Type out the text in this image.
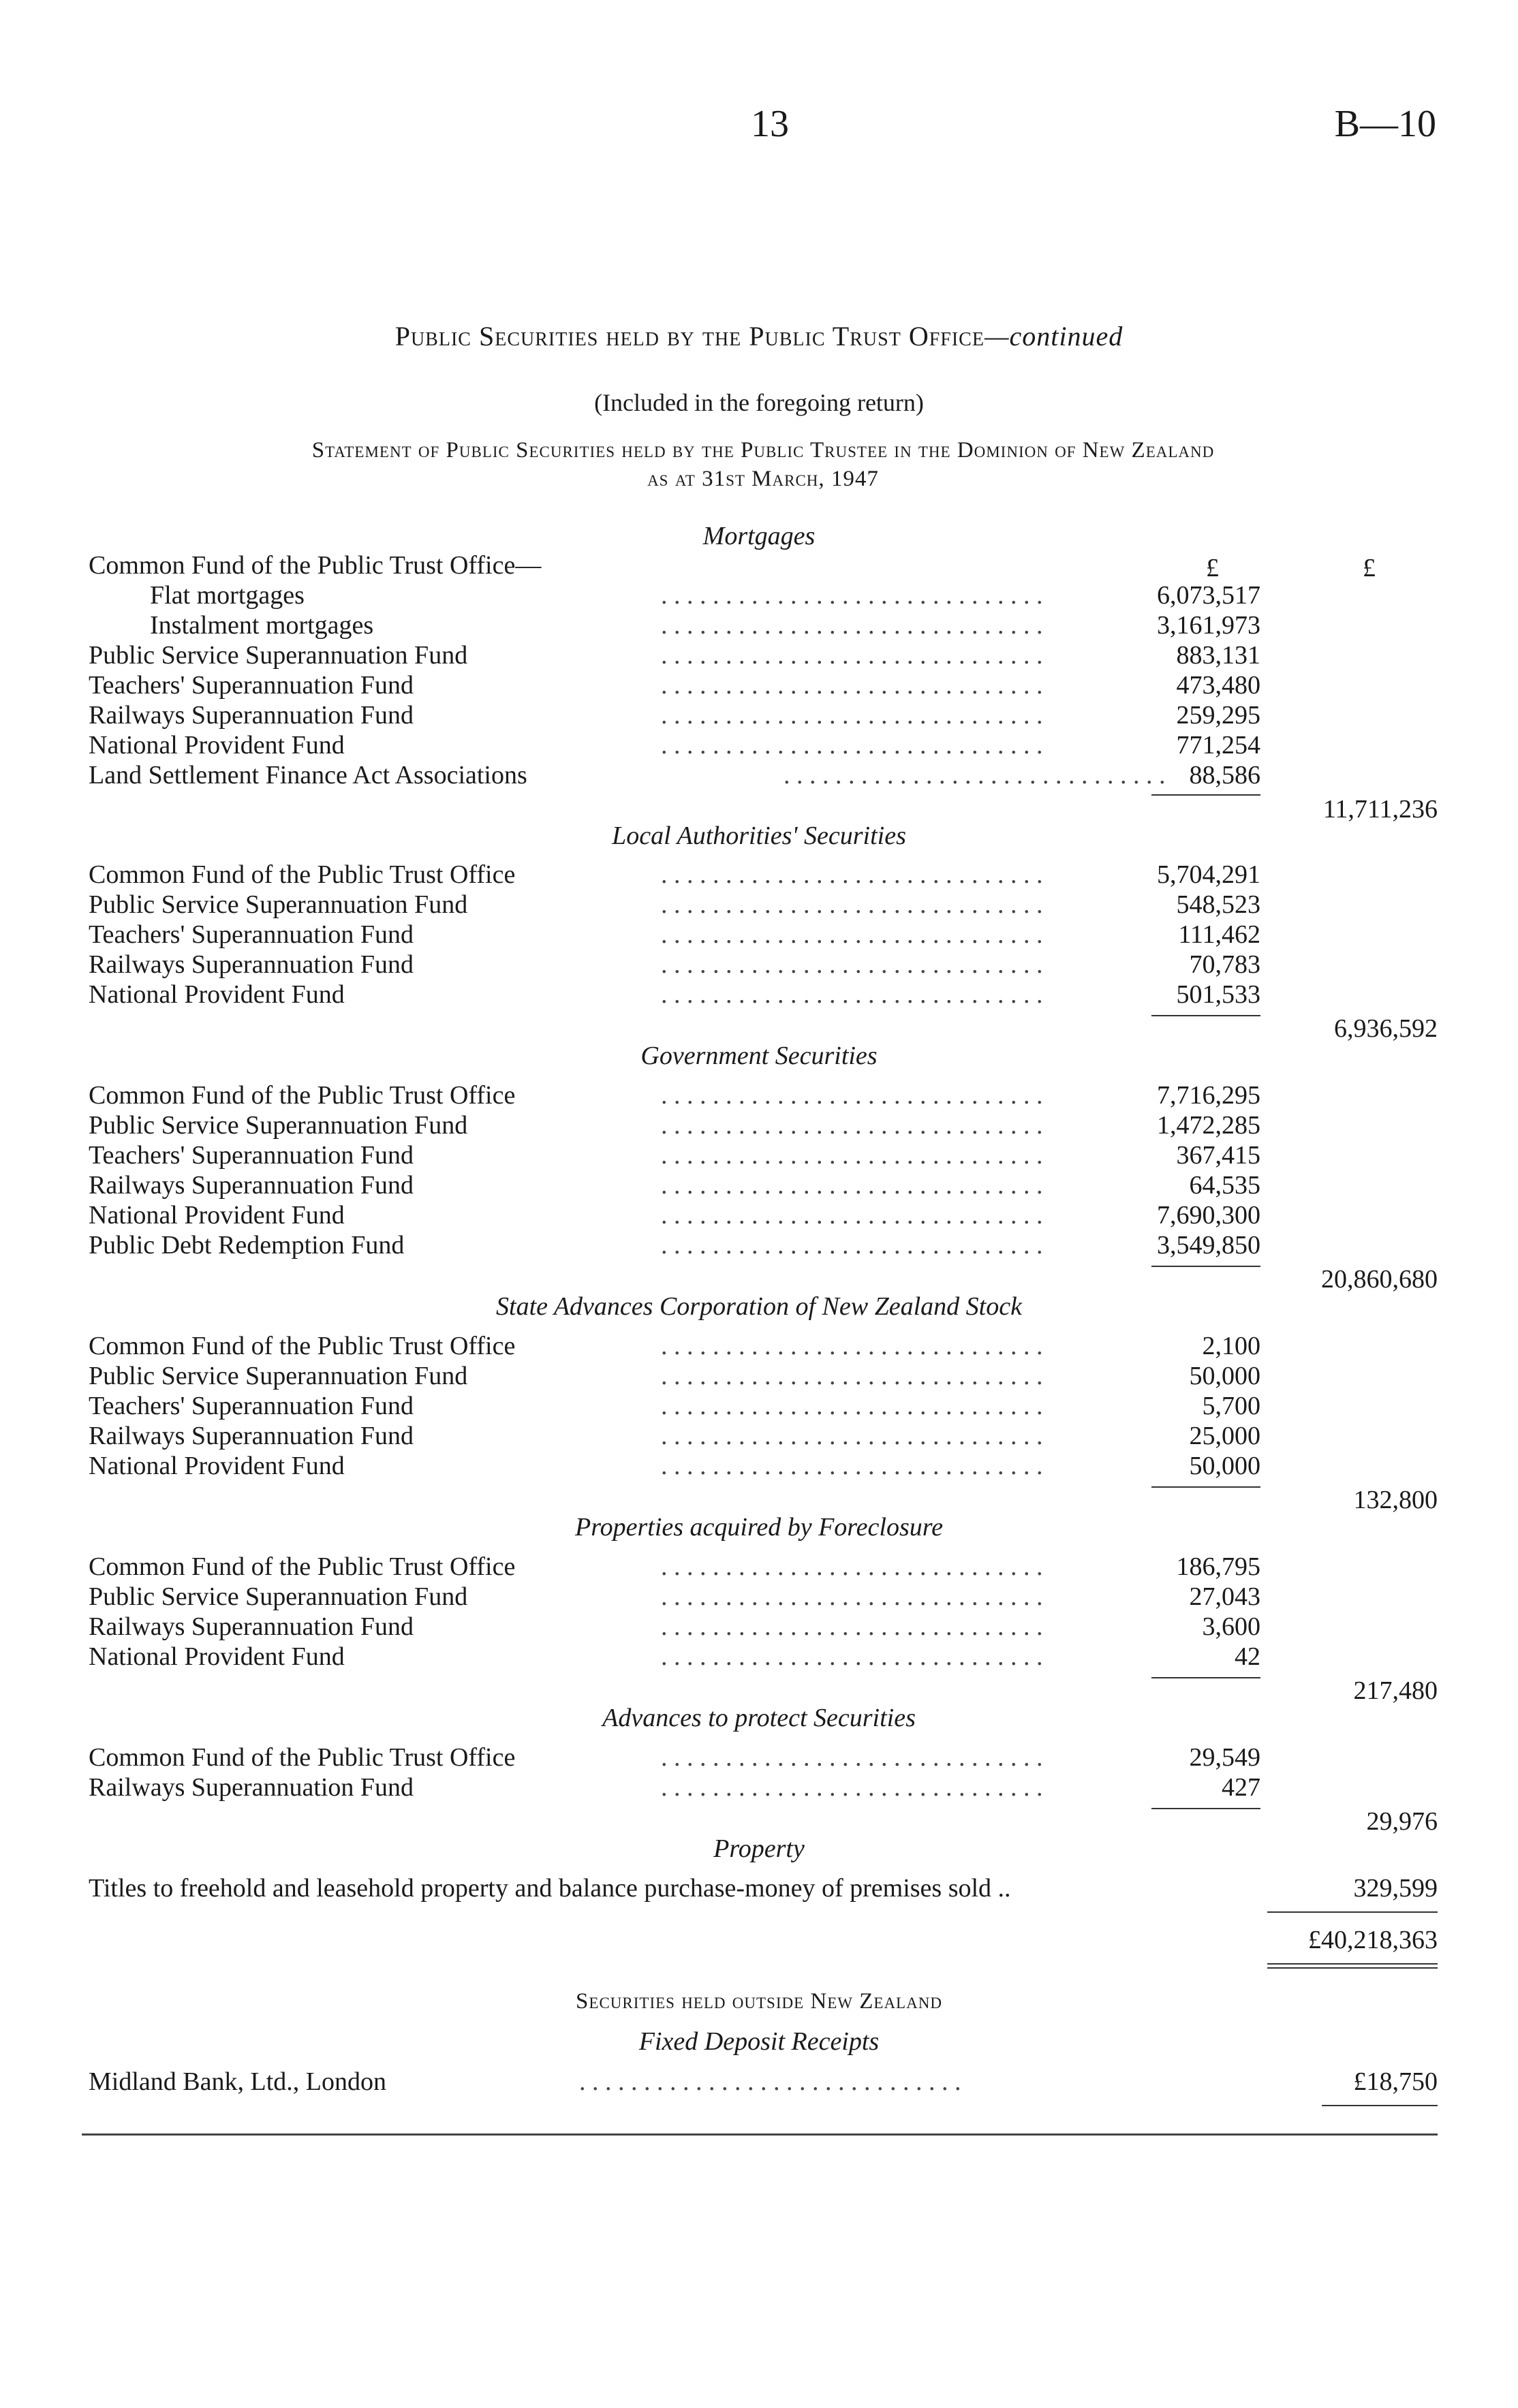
13	B—10
Public Securities held by the Public Trust Office—continued
(Included in the foregoing return)
Statement of Public Securities held by the Public Trustee in the Dominion of New Zealand
as at 31st March, 1947
Mortgages
£	£
Common Fund of the Public Trust Office—
Flat mortgages	. . . . . . . . . . . . . . . . . . . . . . . . . . . . . .	6,073,517
Instalment mortgages	. . . . . . . . . . . . . . . . . . . . . . . . . . . . . .	3,161,973
Public Service Superannuation Fund	. . . . . . . . . . . . . . . . . . . . . . . . . . . . . .	883,131
Teachers' Superannuation Fund	. . . . . . . . . . . . . . . . . . . . . . . . . . . . . .	473,480
Railways Superannuation Fund	. . . . . . . . . . . . . . . . . . . . . . . . . . . . . .	259,295
National Provident Fund	. . . . . . . . . . . . . . . . . . . . . . . . . . . . . .	771,254
Land Settlement Finance Act Associations	. . . . . . . . . . . . . . . . . . . . . . . . . . . . . . 88,586
11,711,236
Local Authorities' Securities
Common Fund of the Public Trust Office	. . . . . . . . . . . . . . . . . . . . . . . . . . . . . .	5,704,291
Public Service Superannuation Fund	. . . . . . . . . . . . . . . . . . . . . . . . . . . . . .	548,523
Teachers' Superannuation Fund	. . . . . . . . . . . . . . . . . . . . . . . . . . . . . .	111,462
Railways Superannuation Fund	. . . . . . . . . . . . . . . . . . . . . . . . . . . . . .	70,783
National Provident Fund	. . . . . . . . . . . . . . . . . . . . . . . . . . . . . .	501,533
6,936,592
Government Securities
Common Fund of the Public Trust Office	. . . . . . . . . . . . . . . . . . . . . . . . . . . . . .	7,716,295
Public Service Superannuation Fund	. . . . . . . . . . . . . . . . . . . . . . . . . . . . . .	1,472,285
Teachers' Superannuation Fund	. . . . . . . . . . . . . . . . . . . . . . . . . . . . . .	367,415
Railways Superannuation Fund	. . . . . . . . . . . . . . . . . . . . . . . . . . . . . .	64,535
National Provident Fund	. . . . . . . . . . . . . . . . . . . . . . . . . . . . . .	7,690,300
Public Debt Redemption Fund	. . . . . . . . . . . . . . . . . . . . . . . . . . . . . .	3,549,850
20,860,680
State Advances Corporation of New Zealand Stock
Common Fund of the Public Trust Office	. . . . . . . . . . . . . . . . . . . . . . . . . . . . . .	2,100
Public Service Superannuation Fund	. . . . . . . . . . . . . . . . . . . . . . . . . . . . . .	50,000
Teachers' Superannuation Fund	. . . . . . . . . . . . . . . . . . . . . . . . . . . . . .	5,700
Railways Superannuation Fund	. . . . . . . . . . . . . . . . . . . . . . . . . . . . . .	25,000
National Provident Fund	. . . . . . . . . . . . . . . . . . . . . . . . . . . . . .	50,000
132,800
Properties acquired by Foreclosure
Common Fund of the Public Trust Office	. . . . . . . . . . . . . . . . . . . . . . . . . . . . . .	186,795
Public Service Superannuation Fund	. . . . . . . . . . . . . . . . . . . . . . . . . . . . . .	27,043
Railways Superannuation Fund	. . . . . . . . . . . . . . . . . . . . . . . . . . . . . .	3,600
National Provident Fund	. . . . . . . . . . . . . . . . . . . . . . . . . . . . . .	42
217,480
Advances to protect Securities
Common Fund of the Public Trust Office	. . . . . . . . . . . . . . . . . . . . . . . . . . . . . .	29,549
Railways Superannuation Fund	. . . . . . . . . . . . . . . . . . . . . . . . . . . . . .	427
29,976
Property
Titles to freehold and leasehold property and balance purchase-money of premises sold ..	329,599
£40,218,363
Securities held outside New Zealand
Fixed Deposit Receipts
Midland Bank, Ltd., London	. . . . . . . . . . . . . . . . . . . . . . . . . . . . . .	£18,750
